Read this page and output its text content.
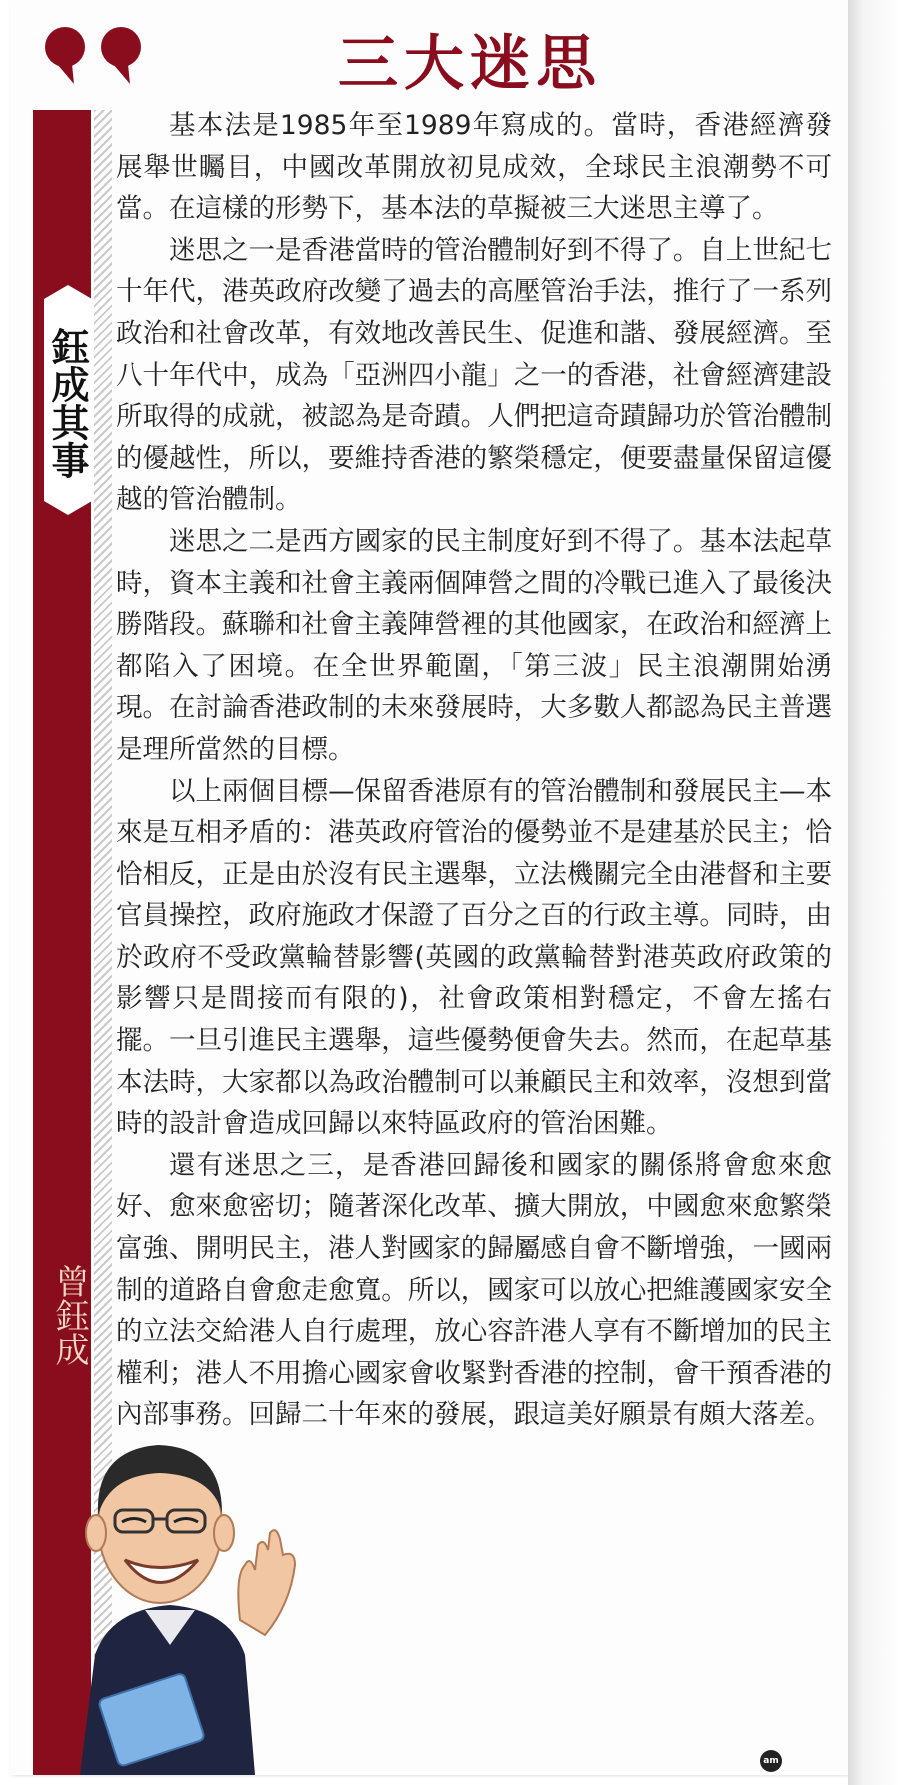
三大迷思
鈺成其事
曾鈺成

基本法是1985年至1989年寫成的。當時，香港經濟發展舉世矚目，中國改革開放初見成效，全球民主浪潮勢不可當。在這樣的形勢下，基本法的草擬被三大迷思主導了。

迷思之一是香港當時的管治體制好到不得了。自上世紀七十年代，港英政府改變了過去的高壓管治手法，推行了一系列政治和社會改革，有效地改善民生、促進和諧、發展經濟。至八十年代中，成為「亞洲四小龍」之一的香港，社會經濟建設所取得的成就，被認為是奇蹟。人們把這奇蹟歸功於管治體制的優越性，所以，要維持香港的繁榮穩定，便要盡量保留這優越的管治體制。

迷思之二是西方國家的民主制度好到不得了。基本法起草時，資本主義和社會主義兩個陣營之間的冷戰已進入了最後決勝階段。蘇聯和社會主義陣營裡的其他國家，在政治和經濟上都陷入了困境。在全世界範圍，「第三波」民主浪潮開始湧現。在討論香港政制的未來發展時，大多數人都認為民主普選是理所當然的目標。

以上兩個目標—保留香港原有的管治體制和發展民主—本來是互相矛盾的：港英政府管治的優勢並不是建基於民主；恰恰相反，正是由於沒有民主選舉，立法機關完全由港督和主要官員操控，政府施政才保證了百分之百的行政主導。同時，由於政府不受政黨輪替影響(英國的政黨輪替對港英政府政策的影響只是間接而有限的)，社會政策相對穩定，不會左搖右擺。一旦引進民主選舉，這些優勢便會失去。然而，在起草基本法時，大家都以為政治體制可以兼顧民主和效率，沒想到當時的設計會造成回歸以來特區政府的管治困難。

還有迷思之三，是香港回歸後和國家的關係將會愈來愈好、愈來愈密切；隨著深化改革、擴大開放，中國愈來愈繁榮富強、開明民主，港人對國家的歸屬感自會不斷增強，一國兩制的道路自會愈走愈寬。所以，國家可以放心把維護國家安全的立法交給港人自行處理，放心容許港人享有不斷增加的民主權利；港人不用擔心國家會收緊對香港的控制，會干預香港的內部事務。回歸二十年來的發展，跟這美好願景有頗大落差。

am
